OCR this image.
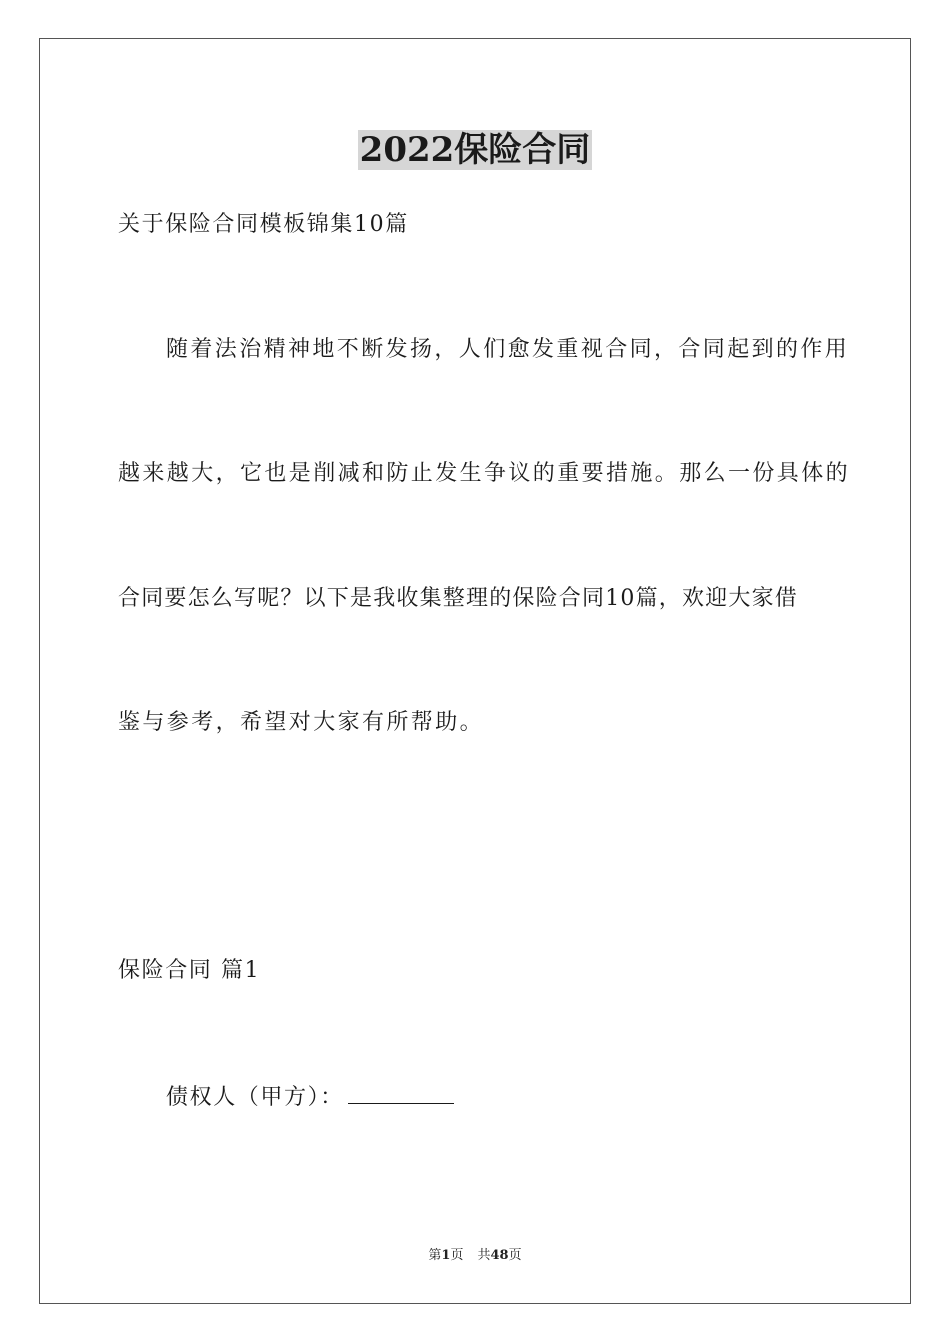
2022保险合同
关于保险合同模板锦集10篇
随着法治精神地不断发扬，人们愈发重视合同，合同起到的作用
越来越大，它也是削减和防止发生争议的重要措施。那么一份具体的
合同要怎么写呢？以下是我收集整理的保险合同10篇，欢迎大家借
鉴与参考，希望对大家有所帮助。
保险合同 篇1
债权人（甲方）：
第1页 共48页
